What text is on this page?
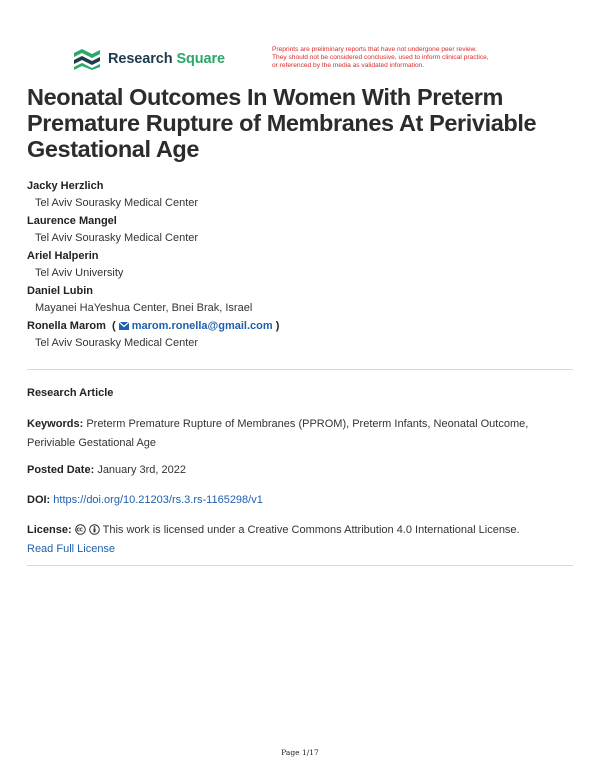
Research Square
Preprints are preliminary reports that have not undergone peer review.
They should not be considered conclusive, used to inform clinical practice,
or referenced by the media as validated information.
Neonatal Outcomes In Women With Preterm Premature Rupture of Membranes At Periviable Gestational Age
Jacky Herzlich
Tel Aviv Sourasky Medical Center
Laurence Mangel
Tel Aviv Sourasky Medical Center
Ariel Halperin
Tel Aviv University
Daniel Lubin
Mayanei HaYeshua Center, Bnei Brak, Israel
Ronella Marom  ( marom.ronella@gmail.com )
Tel Aviv Sourasky Medical Center
Research Article
Keywords: Preterm Premature Rupture of Membranes (PPROM), Preterm Infants, Neonatal Outcome, Periviable Gestational Age
Posted Date: January 3rd, 2022
DOI: https://doi.org/10.21203/rs.3.rs-1165298/v1
License:	This work is licensed under a Creative Commons Attribution 4.0 International License.
Read Full License
Page 1/17
